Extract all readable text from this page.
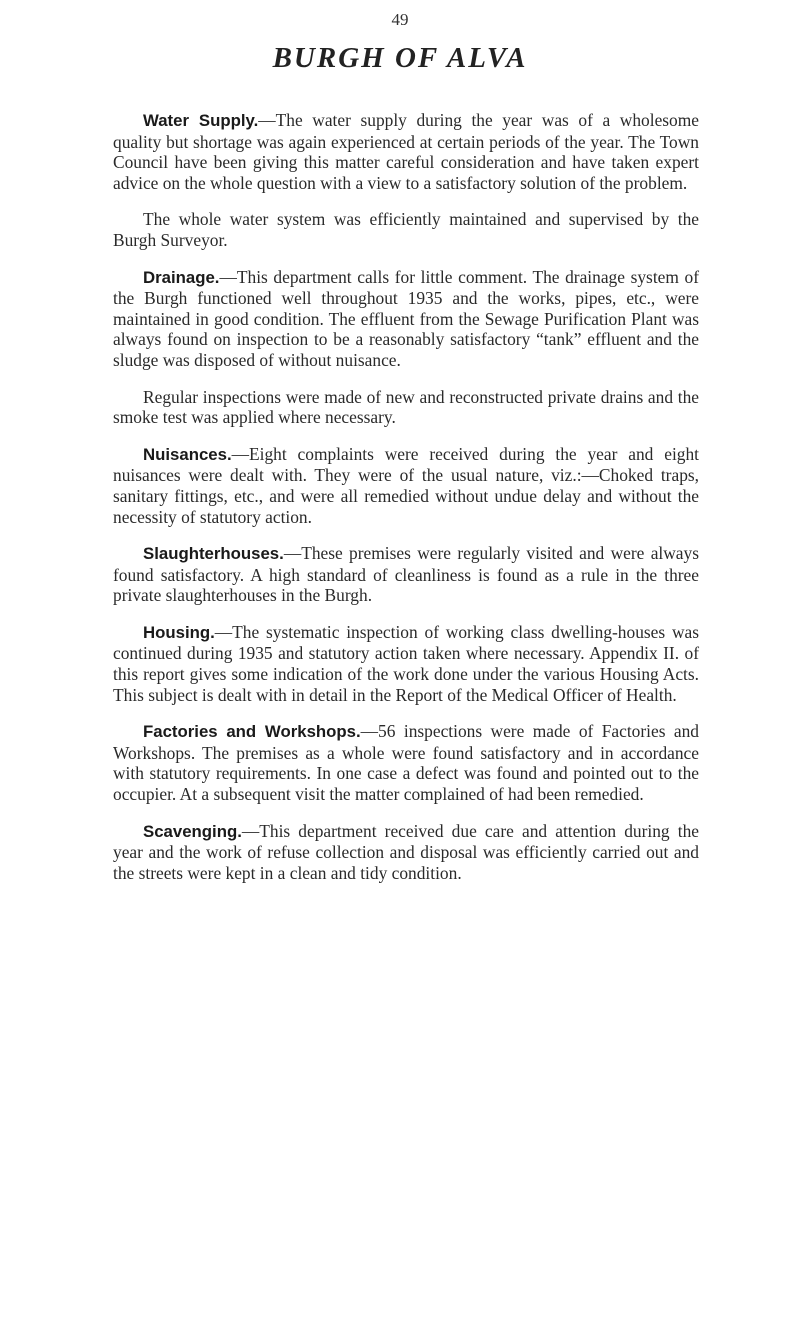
49
BURGH OF ALVA

Water Supply.—The water supply during the year was of a wholesome quality but shortage was again experienced at certain periods of the year. The Town Council have been giving this matter careful consideration and have taken expert advice on the whole question with a view to a satisfactory solution of the problem.

The whole water system was efficiently maintained and supervised by the Burgh Surveyor.

Drainage.—This department calls for little comment. The drainage system of the Burgh functioned well throughout 1935 and the works, pipes, etc., were maintained in good condition. The effluent from the Sewage Purification Plant was always found on inspection to be a reasonably satisfactory “tank” effluent and the sludge was disposed of without nuisance.

Regular inspections were made of new and reconstructed private drains and the smoke test was applied where necessary.

Nuisances.—Eight complaints were received during the year and eight nuisances were dealt with. They were of the usual nature, viz.:—Choked traps, sanitary fittings, etc., and were all remedied without undue delay and without the necessity of statutory action.

Slaughterhouses.—These premises were regularly visited and were always found satisfactory. A high standard of cleanliness is found as a rule in the three private slaughterhouses in the Burgh.

Housing.—The systematic inspection of working class dwelling-houses was continued during 1935 and statutory action taken where necessary. Appendix II. of this report gives some indication of the work done under the various Housing Acts. This subject is dealt with in detail in the Report of the Medical Officer of Health.

Factories and Workshops.—56 inspections were made of Factories and Workshops. The premises as a whole were found satisfactory and in accordance with statutory requirements. In one case a defect was found and pointed out to the occupier. At a subsequent visit the matter complained of had been remedied.

Scavenging.—This department received due care and attention during the year and the work of refuse collection and disposal was efficiently carried out and the streets were kept in a clean and tidy condition.
